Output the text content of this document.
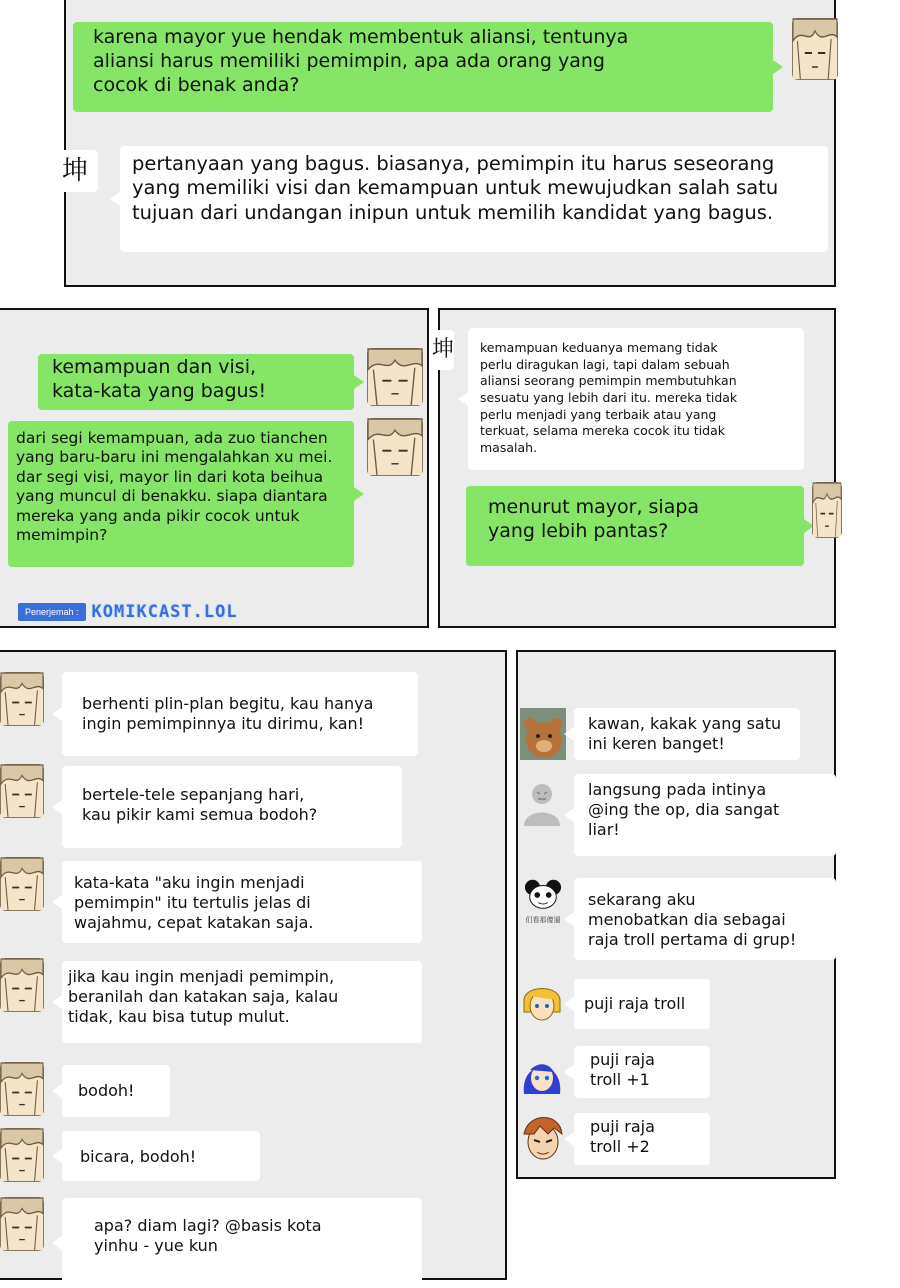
karena mayor yue hendak membentuk aliansi, tentunya
aliansi harus memiliki pemimpin, apa ada orang yang
cocok di benak anda?
坤	pertanyaan yang bagus. biasanya, pemimpin itu harus seseorang
yang memiliki visi dan kemampuan untuk mewujudkan salah satu
tujuan dari undangan inipun untuk memilih kandidat yang bagus.
kemampuan dan visi,
kata-kata yang bagus!
dari segi kemampuan, ada zuo tianchen
yang baru-baru ini mengalahkan xu mei.
dar segi visi, mayor lin dari kota beihua
yang muncul di benakku. siapa diantara
mereka yang anda pikir cocok untuk
memimpin?
Penerjemah : KOMIKCAST.LOL
坤	kemampuan keduanya memang tidak
perlu diragukan lagi, tapi dalam sebuah
aliansi seorang pemimpin membutuhkan
sesuatu yang lebih dari itu. mereka tidak
perlu menjadi yang terbaik atau yang
terkuat, selama mereka cocok itu tidak
masalah.
menurut mayor, siapa
yang lebih pantas?
berhenti plin-plan begitu, kau hanya
ingin pemimpinnya itu dirimu, kan!
bertele-tele sepanjang hari,
kau pikir kami semua bodoh?
kata-kata "aku ingin menjadi
pemimpin" itu tertulis jelas di
wajahmu, cepat katakan saja.
jika kau ingin menjadi pemimpin,
beranilah dan katakan saja, kalau
tidak, kau bisa tutup mulut.
bodoh!
bicara, bodoh!
apa? diam lagi? @basis kota
yinhu - yue kun
kawan, kakak yang satu
ini keren banget!
langsung pada intinya
@ing the op, dia sangat
liar!
们看那傻逼
sekarang aku
menobatkan dia sebagai
raja troll pertama di grup!
puji raja troll
puji raja
troll +1
puji raja
troll +2
